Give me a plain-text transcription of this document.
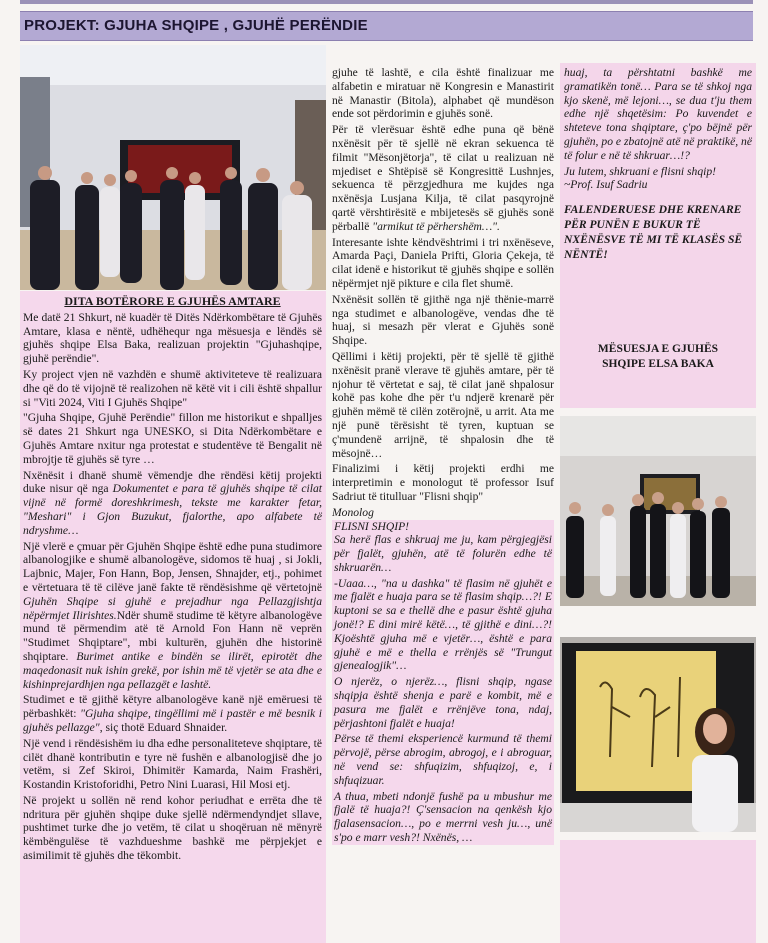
PROJEKT: GJUHA SHQIPE , GJUHË PERËNDIE
DITA BOTËRORE E GJUHËS AMTARE

Me datë 21 Shkurt, në kuadër të Ditës Ndërkombëtare të Gjuhës Amtare, klasa e nëntë, udhëhequr nga mësuesja e lëndës së gjuhës shqipe Elsa Baka, realizuan projektin "Gjuhashqipe, gjuhë perëndie".

Ky project vjen në vazhdën e shumë aktiviteteve të realizuara dhe që do të vijojnë të realizohen në këtë vit i cili është shpallur si "Viti 2024, Viti I Gjuhës Shqipe"

"Gjuha Shqipe, Gjuhë Perëndie" fillon me historikut e shpalljes së dates 21 Shkurt nga UNESKO, si Dita Ndërkombëtare e Gjuhës Amtare nxitur nga protestat e studentëve të Bengalit në mbrojtje të gjuhës së tyre …

Nxënësit i dhanë shumë vëmendje dhe rëndësi këtij projekti duke nisur që nga Dokumentet e para të gjuhës shqipe të cilat vijnë në formë doreshkrimesh, tekste me karakter fetar, "Meshari" i Gjon Buzukut, fjalorthe, apo alfabete të ndryshme…

Një vlerë e çmuar për Gjuhën Shqipe është edhe puna studimore albanologjike e shumë albanologëve, sidomos të huaj , si Jokli, Lajbnic, Majer, Fon Hann, Bop, Jensen, Shnajder, etj., pohimet e vërtetuara të të cilëve janë fakte të rëndësishme që vërtetojnë Gjuhën Shqipe si gjuhë e prejadhur nga Pellazgjishtja nëpërmjet Ilirishtes.Ndër shumë studime të këtyre albanologëve mund të përmendim atë të Arnold Fon Hann në veprën "Studimet Shqiptare", mbi kulturën, gjuhën dhe historinë shqiptare. Burimet antike e bindën se ilirët, epirotët dhe maqedonasit nuk ishin grekë, por ishin më të vjetër se ata dhe e kishinprejardhjen nga pellazgët e lashtë.

Studimet e të gjithë këtyre albanologëve kanë një emëruesi të përbashkët: "Gjuha shqipe, tingëllimi më i pastër e më besnik i gjuhës pellazge", siç thotë Eduard Shnaider.

Një vend i rëndësishëm iu dha edhe personaliteteve shqiptare, të cilët dhanë kontributin e tyre në fushën e albanologjisë dhe jo vetëm, si Zef Skiroi, Dhimitër Kamarda, Naim Frashëri, Kostandin Kristoforidhi, Petro Nini Luarasi, Hil Mosi etj.

Në projekt u sollën në rend kohor periudhat e errëta dhe të ndritura për gjuhën shqipe duke sjellë ndërmendyndjet sllave, pushtimet turke dhe jo vetëm, të cilat u shoqëruan në mënyrë këmbëngulëse të vazhdueshme bashkë me përpjekjet e asimilimit të gjuhës dhe tëkombit.

gjuhe të lashtë, e cila është finalizuar me alfabetin e miratuar në Kongresin e Manastirit në Manastir (Bitola), alphabet që mundëson ende sot përdorimin e gjuhës sonë.

Për të vlerësuar është edhe puna që bënë nxënësit për të sjellë në ekran sekuenca të filmit "Mësonjëtorja", të cilat u realizuan në mjediset e Shtëpisë së Kongresittë Lushnjes, sekuenca të përzgjedhura me kujdes nga nxënësja Lusjana Kilja, të cilat pasqyrojnë qartë vërshtirësitë e mbijetesës së gjuhës sonë përballë "armikut të përhershëm…".

Interesante ishte këndvështrimi i tri nxënëseve, Amarda Paçi, Daniela Prifti, Gloria Çekeja, të cilat idenë e historikut të gjuhës shqipe e sollën nëpërmjet një pikture e cila flet shumë.

Nxënësit sollën të gjithë nga një thënie-marrë nga studimet e albanologëve, vendas dhe të huaj, si mesazh për vlerat e Gjuhës sonë Shqipe.

Qëllimi i këtij projekti, për të sjellë të gjithë nxënësit pranë vlerave të gjuhës amtare, për të njohur të vërtetat e saj, të cilat janë shpalosur kohë pas kohe dhe për t'u ndjerë krenarë për gjuhën mëmë të cilën zotërojnë, u arrit. Ata me një punë tërësisht të tyren, kuptuan se ç'mundenë arrijnë, të shpalosin dhe të mësojnë…

Finalizimi i këtij projekti erdhi me interpretimin e monologut të professor Isuf Sadriut të titulluar "Flisni shqip"

Monolog

FLISNI SHQIP!

Sa herë flas e shkruaj me ju, kam përgjegjësi për fjalët, gjuhën, atë të folurën edhe të shkruarën…

-Uaaa…, "na u dashka" të flasim në gjuhët e me fjalët e huaja para se të flasim shqip…?! E kuptoni se sa e thellë dhe e pasur është gjuha jonë!? E dini mirë këtë…, të gjithë e dini…?! Kjoështë gjuha më e vjetër…, është e para gjuhë e më e thella e rrënjës së "Trungut gjenealogjik"…

O njerëz, o njerëz…, flisni shqip, ngase shqipja është shenja e parë e kombit, më e pasura me fjalët e rrënjëve tona, ndaj, përjashtoni fjalët e huaja!

Përse të themi eksperiencë kurmund të themi përvojë, përse abrogim, abrogoj, e i abroguar, në vend se: shfuqizim, shfuqizoj, e, i shfuqizuar.

A thua, mbeti ndonjë fushë pa u mbushur me fjalë të huaja?! Ç'sensacion na qenkësh kjo fjalasensacion…, po e merrni vesh ju…, unë s'po e marr vesh?! Nxënës, …

huaj, ta përshtatni bashkë me gramatikën tonë… Para se të shkoj nga kjo skenë, më lejoni…, se dua t'ju them edhe një shqetësim: Po kuvendet e shteteve tona shqiptare, ç'po bëjnë për gjuhën, po e zbatojnë atë në praktikë, në të folur e në të shkruar…!?

Ju lutem, shkruani e flisni shqip!

~Prof. Isuf Sadriu

FALENDERUESE DHE KRENARE PËR PUNËN E BUKUR TË NXËNËSVE TË MI TË KLASËS SË NËNTË!

MËSUESJA E GJUHËS SHQIPE ELSA BAKA
